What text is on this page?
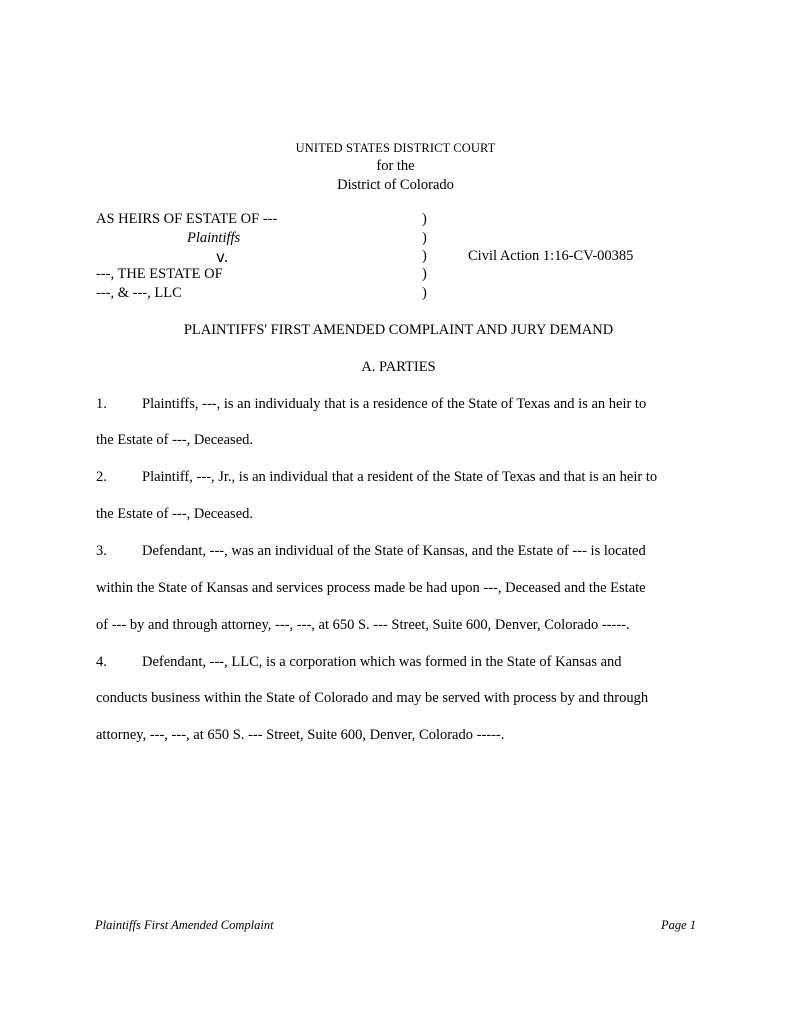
UNITED STATES DISTRICT COURT
for the
District of Colorado
AS HEIRS OF ESTATE OF ---
Plaintiffs
v.
---, THE ESTATE OF
---, & ---, LLC
)
)
)
)
)
Civil Action 1:16-CV-00385
PLAINTIFFS' FIRST AMENDED COMPLAINT AND JURY DEMAND
A. PARTIES
1. Plaintiffs, ---, is an individualy that is a residence of the State of Texas and is an heir to
the Estate of ---, Deceased.
2. Plaintiff, ---, Jr., is an individual that a resident of the State of Texas and that is an heir to
the Estate of ---, Deceased.
3. Defendant, ---, was an individual of the State of Kansas, and the Estate of --- is located
within the State of Kansas and services process made be had upon ---, Deceased and the Estate
of --- by and through attorney, ---, ---, at 650 S. --- Street, Suite 600, Denver, Colorado -----.
4. Defendant, ---, LLC, is a corporation which was formed in the State of Kansas and
conducts business within the State of Colorado and may be served with process by and through
attorney, ---, ---, at 650 S. --- Street, Suite 600, Denver, Colorado -----.
Plaintiffs First Amended Complaint	Page 1
